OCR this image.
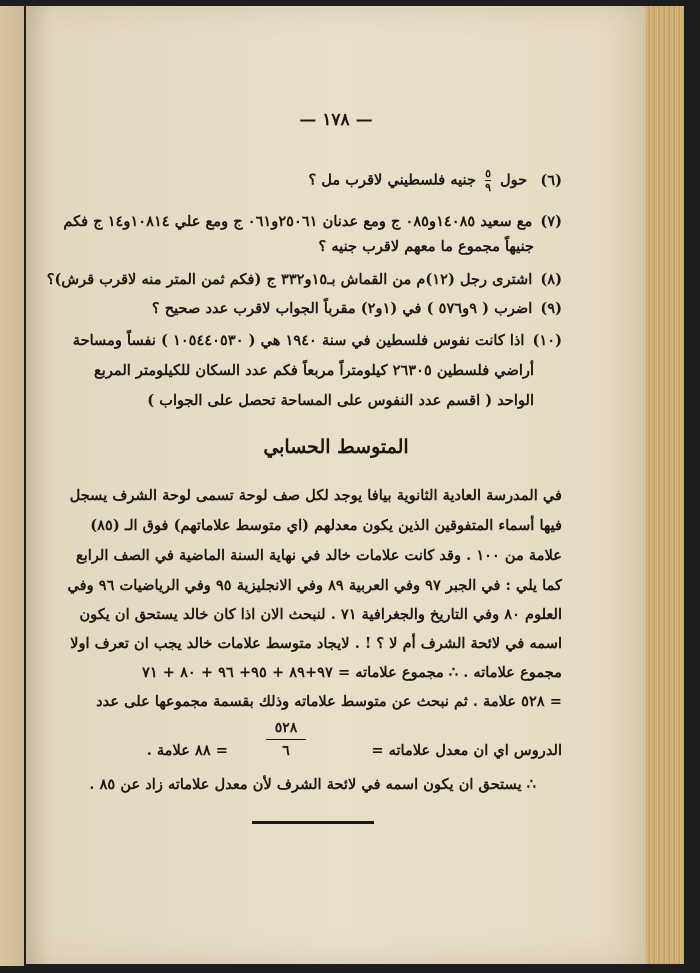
— ١٧٨ —
(٦) حول
$\frac{٥}{٩}$
جنيه فلسطيني لاقرب مل ؟
(٧)مع سعيد ١٤٠٨٥و٠٨٥ ج ومع عدنان ٢٥٠٦١و٠٦١ ج ومع علي ١٠٨١٤و١٤ ج فكم
جنيهاً مجموع ما معهم لاقرب جنيه ؟
(٨)اشترى رجل (١٢)م من القماش بـ١٥و٣٣٢ ج (فكم ثمن المتر منه لاقرب قرش)؟
(٩)اضرب ( ٩و٥٧٦ ) في (١و٢) مقرباً الجواب لاقرب عدد صحيح ؟
(١٠)اذا كانت نفوس فلسطين في سنة ١٩٤٠ هي ( ١٠٥٤٤٠٥٣٠ ) نفساً ومساحة
أراضي فلسطين ٢٦٣٠٥ كيلومتراً مربعاً فكم عدد السكان للكيلومتر المربع
الواحد ( اقسم عدد النفوس على المساحة تحصل على الجواب )
المتوسط الحسابي
في المدرسة العادية الثانوية بيافا يوجد لكل صف لوحة تسمى لوحة الشرف يسجل
فيها أسماء المتفوقين الذين يكون معدلهم (اي متوسط علاماتهم) فوق الـ (٨٥)
علامة من ١٠٠ . وقد كانت علامات خالد في نهاية السنة الماضية في الصف الرابع
كما يلي : في الجبر ٩٧ وفي العربية ٨٩ وفي الانجليزية ٩٥ وفي الرياضيات ٩٦ وفي
العلوم ٨٠ وفي التاريخ والجغرافية ٧١ . لنبحث الان اذا كان خالد يستحق ان يكون
اسمه في لائحة الشرف أم لا ؟ ! . لايجاد متوسط علامات خالد يجب ان تعرف اولا
مجموع علاماته . ∴ مجموع علاماته = ٩٧+٨٩ + ٩٥+ ٩٦ + ٨٠ + ٧١
= ٥٢٨ علامة . ثم نبحث عن متوسط علاماته وذلك بقسمة مجموعها على عدد
الدروس اي ان معدل علاماته =
٥٢٨
٦
= ٨٨ علامة .
∴ يستحق ان يكون اسمه في لائحة الشرف لأن معدل علاماته زاد عن ٨٥ .
